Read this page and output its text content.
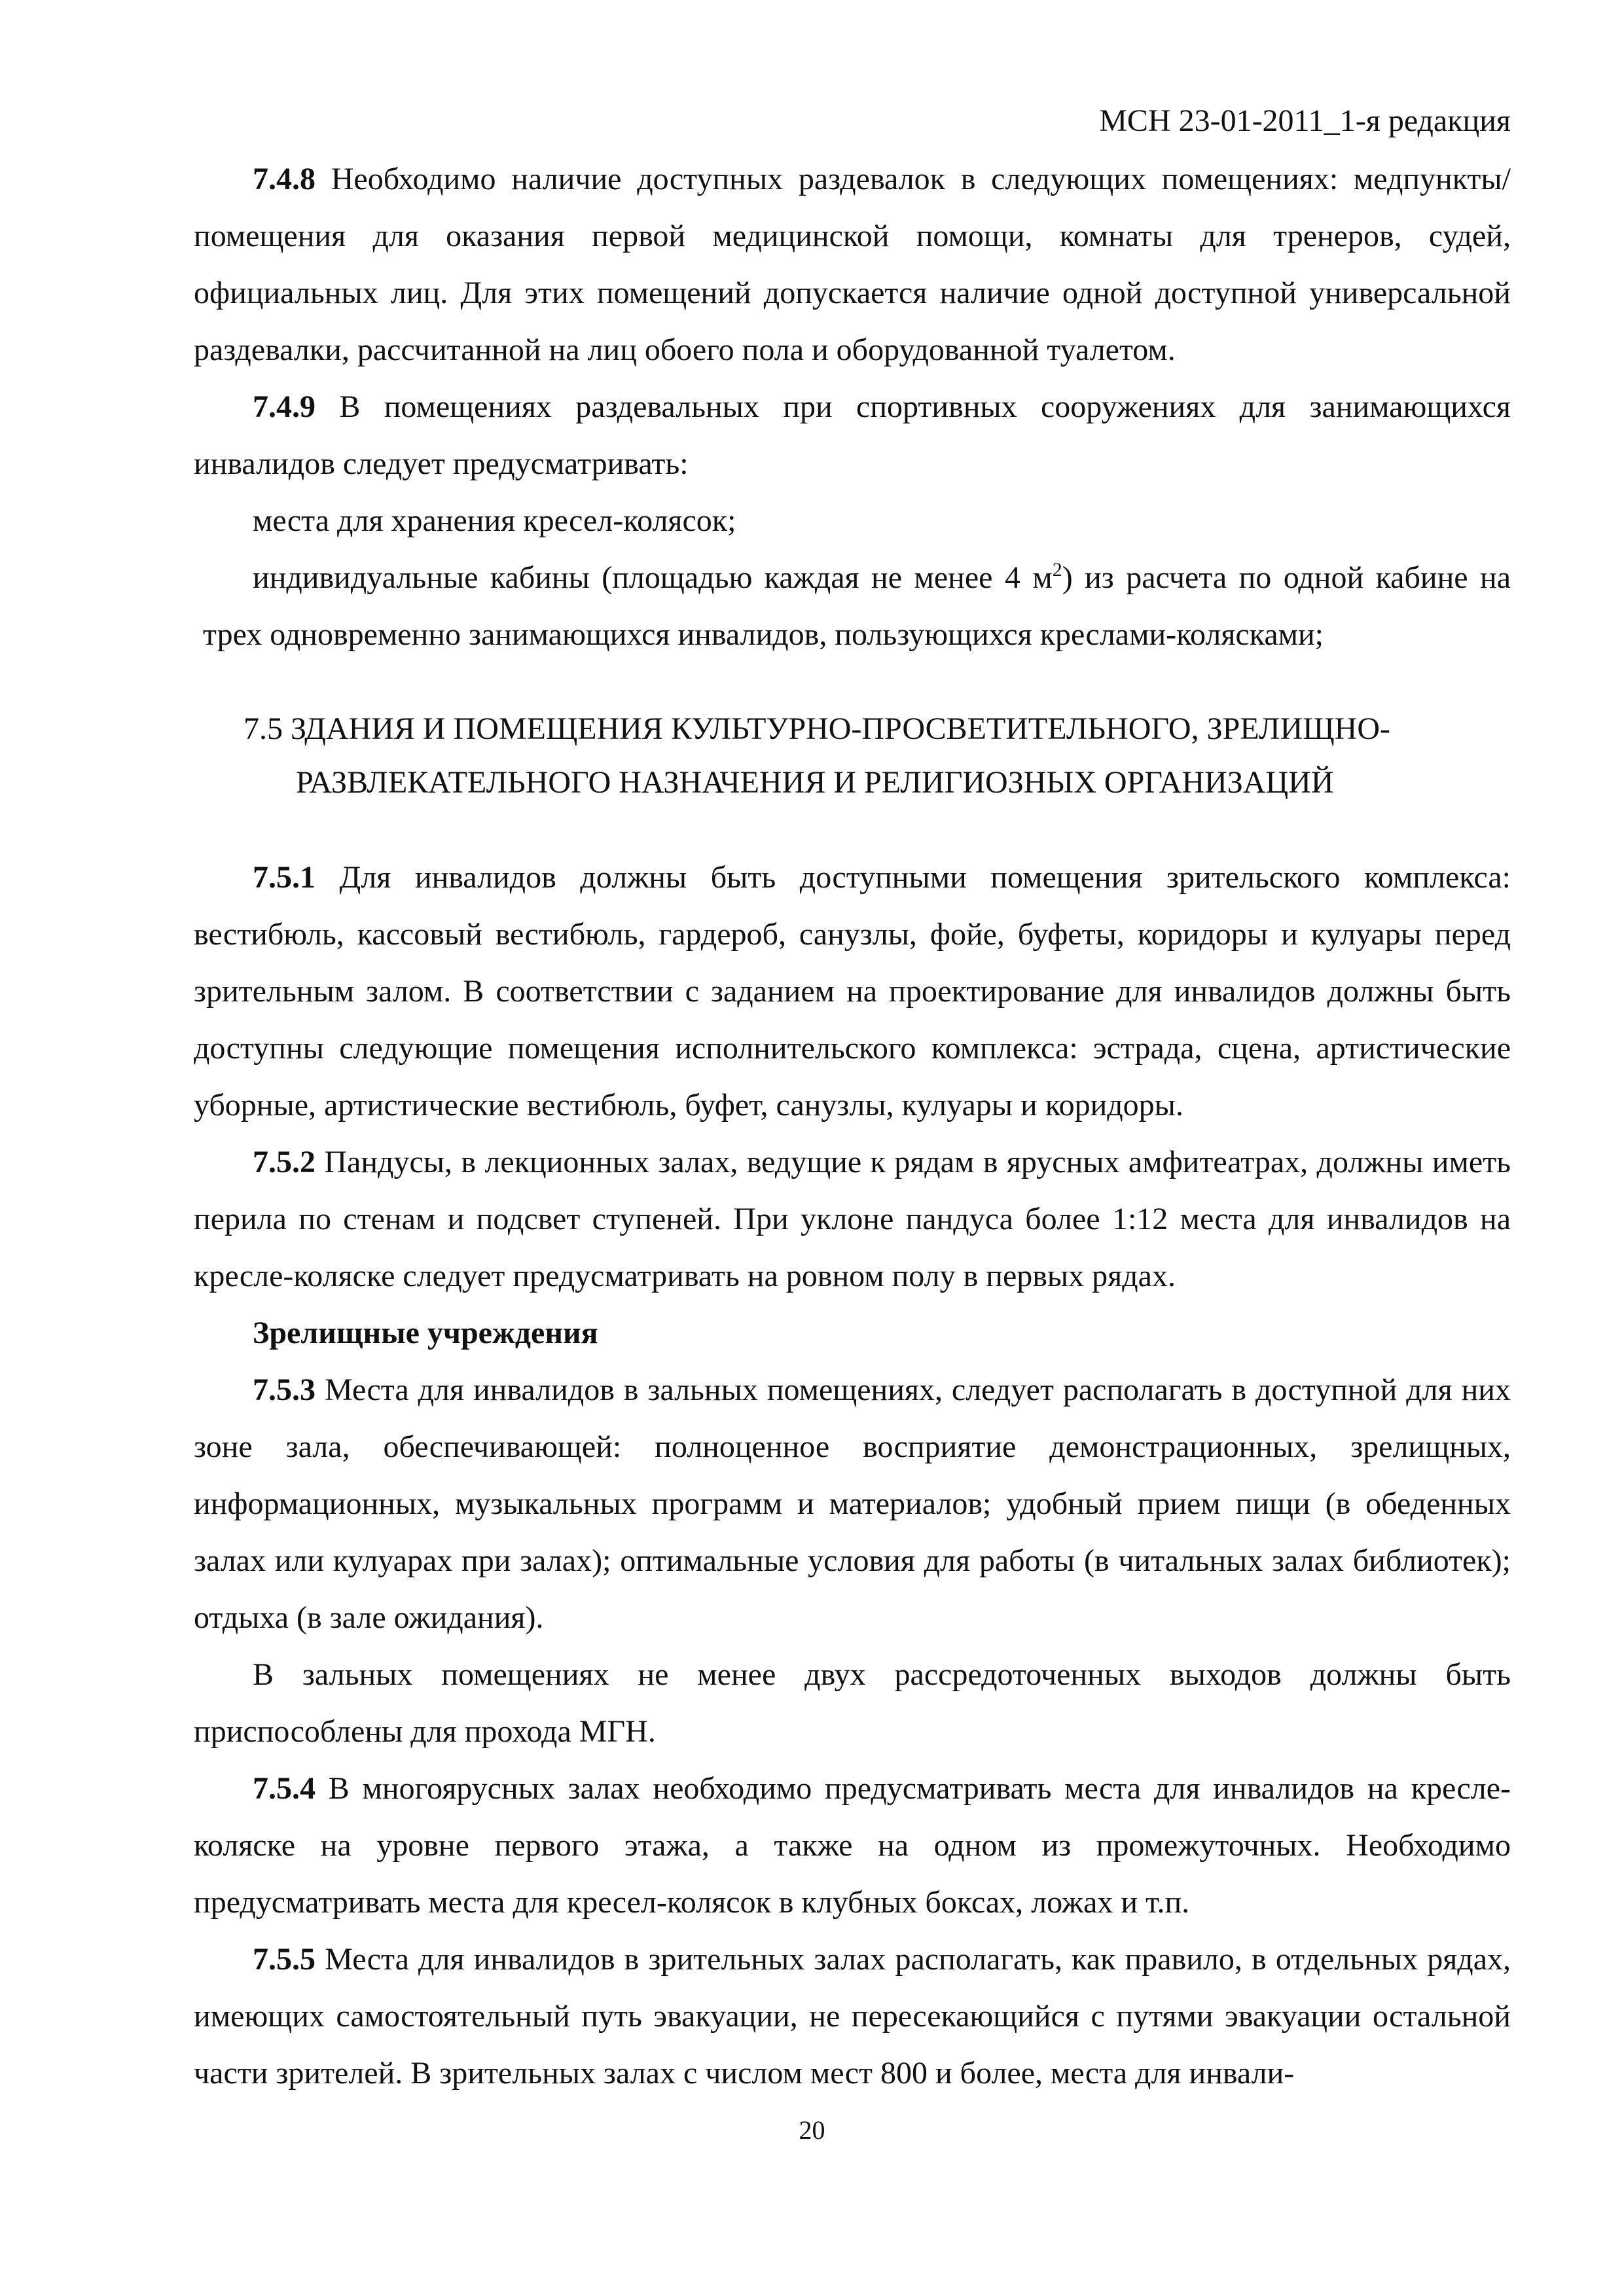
МСН 23-01-2011_1-я редакция

7.4.8 Необходимо наличие доступных раздевалок в следующих помещениях: медпункты/помещения для оказания первой медицинской помощи, комнаты для тренеров, судей, официальных лиц. Для этих помещений допускается наличие одной доступной универсальной раздевалки, рассчитанной на лиц обоего пола и оборудованной туалетом.

7.4.9 В помещениях раздевальных при спортивных сооружениях для занимающихся инвалидов следует предусматривать:

места для хранения кресел-колясок;

индивидуальные кабины (площадью каждая не менее 4 $м^2$) из расчета по одной кабине на трех одновременно занимающихся инвалидов, пользующихся креслами-колясками;

7.5 ЗДАНИЯ И ПОМЕЩЕНИЯ КУЛЬТУРНО-ПРОСВЕТИТЕЛЬНОГО, ЗРЕЛИЩНО-
РАЗВЛЕКАТЕЛЬНОГО НАЗНАЧЕНИЯ И РЕЛИГИОЗНЫХ ОРГАНИЗАЦИЙ

7.5.1 Для инвалидов должны быть доступными помещения зрительского комплекса: вестибюль, кассовый вестибюль, гардероб, санузлы, фойе, буфеты, коридоры и кулуары перед зрительным залом. В соответствии с заданием на проектирование для инвалидов должны быть доступны следующие помещения исполнительского комплекса: эстрада, сцена, артистические уборные, артистические вестибюль, буфет, санузлы, кулуары и коридоры.

7.5.2 Пандусы, в лекционных залах, ведущие к рядам в ярусных амфитеатрах, должны иметь перила по стенам и подсвет ступеней. При уклоне пандуса более 1:12 места для инвалидов на кресле-коляске следует предусматривать на ровном полу в первых рядах.

Зрелищные учреждения

7.5.3 Места для инвалидов в зальных помещениях, следует располагать в доступной для них зоне зала, обеспечивающей: полноценное восприятие демонстрационных, зрелищных, информационных, музыкальных программ и материалов; удобный прием пищи (в обеденных залах или кулуарах при залах); оптимальные условия для работы (в читальных залах библиотек); отдыха (в зале ожидания).

В зальных помещениях не менее двух рассредоточенных выходов должны быть приспособлены для прохода МГН.

7.5.4 В многоярусных залах необходимо предусматривать места для инвалидов на кресле-коляске на уровне первого этажа, а также на одном из промежуточных. Необходимо предусматривать места для кресел-колясок в клубных боксах, ложах и т.п.

7.5.5 Места для инвалидов в зрительных залах располагать, как правило, в отдельных рядах, имеющих самостоятельный путь эвакуации, не пересекающийся с путями эвакуации остальной части зрителей. В зрительных залах с числом мест 800 и более, места для инвали-

20
